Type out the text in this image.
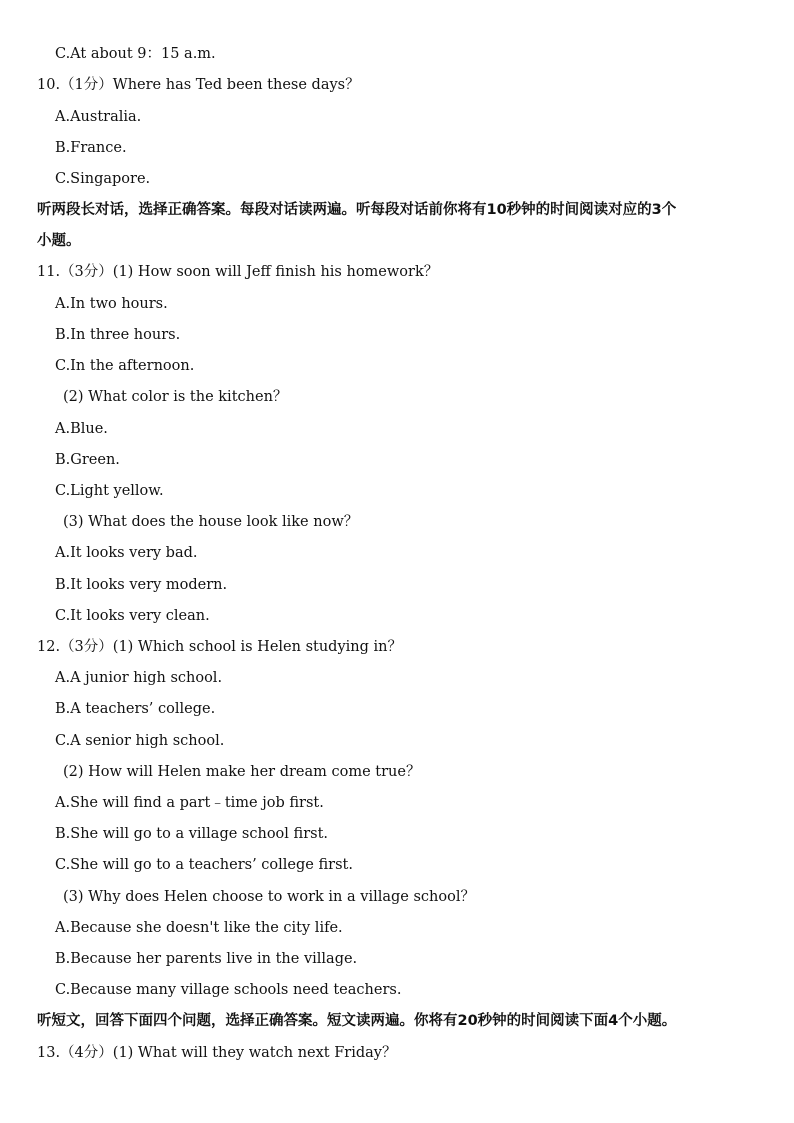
C.At about 9：15 a.m.
10.（1分）Where has Ted been these days？
A.Australia.
B.France.
C.Singapore.
听两段长对话，选择正确答案。每段对话读两遍。听每段对话前你将有10秒钟的时间阅读对应的3个
小题。
11.（3分）(1) How soon will Jeff finish his homework？
A.In two hours.
B.In three hours.
C.In the afternoon.
(2) What color is the kitchen？
A.Blue.
B.Green.
C.Light yellow.
(3) What does the house look like now？
A.It looks very bad.
B.It looks very modern.
C.It looks very clean.
12.（3分）(1) Which school is Helen studying in？
A.A junior high school.
B.A teachers’ college.
C.A senior high school.
(2) How will Helen make her dream come true？
A.She will find a part﹣time job first.
B.She will go to a village school first.
C.She will go to a teachers’ college first.
(3) Why does Helen choose to work in a village school？
A.Because she doesn't like the city life.
B.Because her parents live in the village.
C.Because many village schools need teachers.
听短文，回答下面四个问题，选择正确答案。短文读两遍。你将有20秒钟的时间阅读下面4个小题。
13.（4分）(1) What will they watch next Friday？
